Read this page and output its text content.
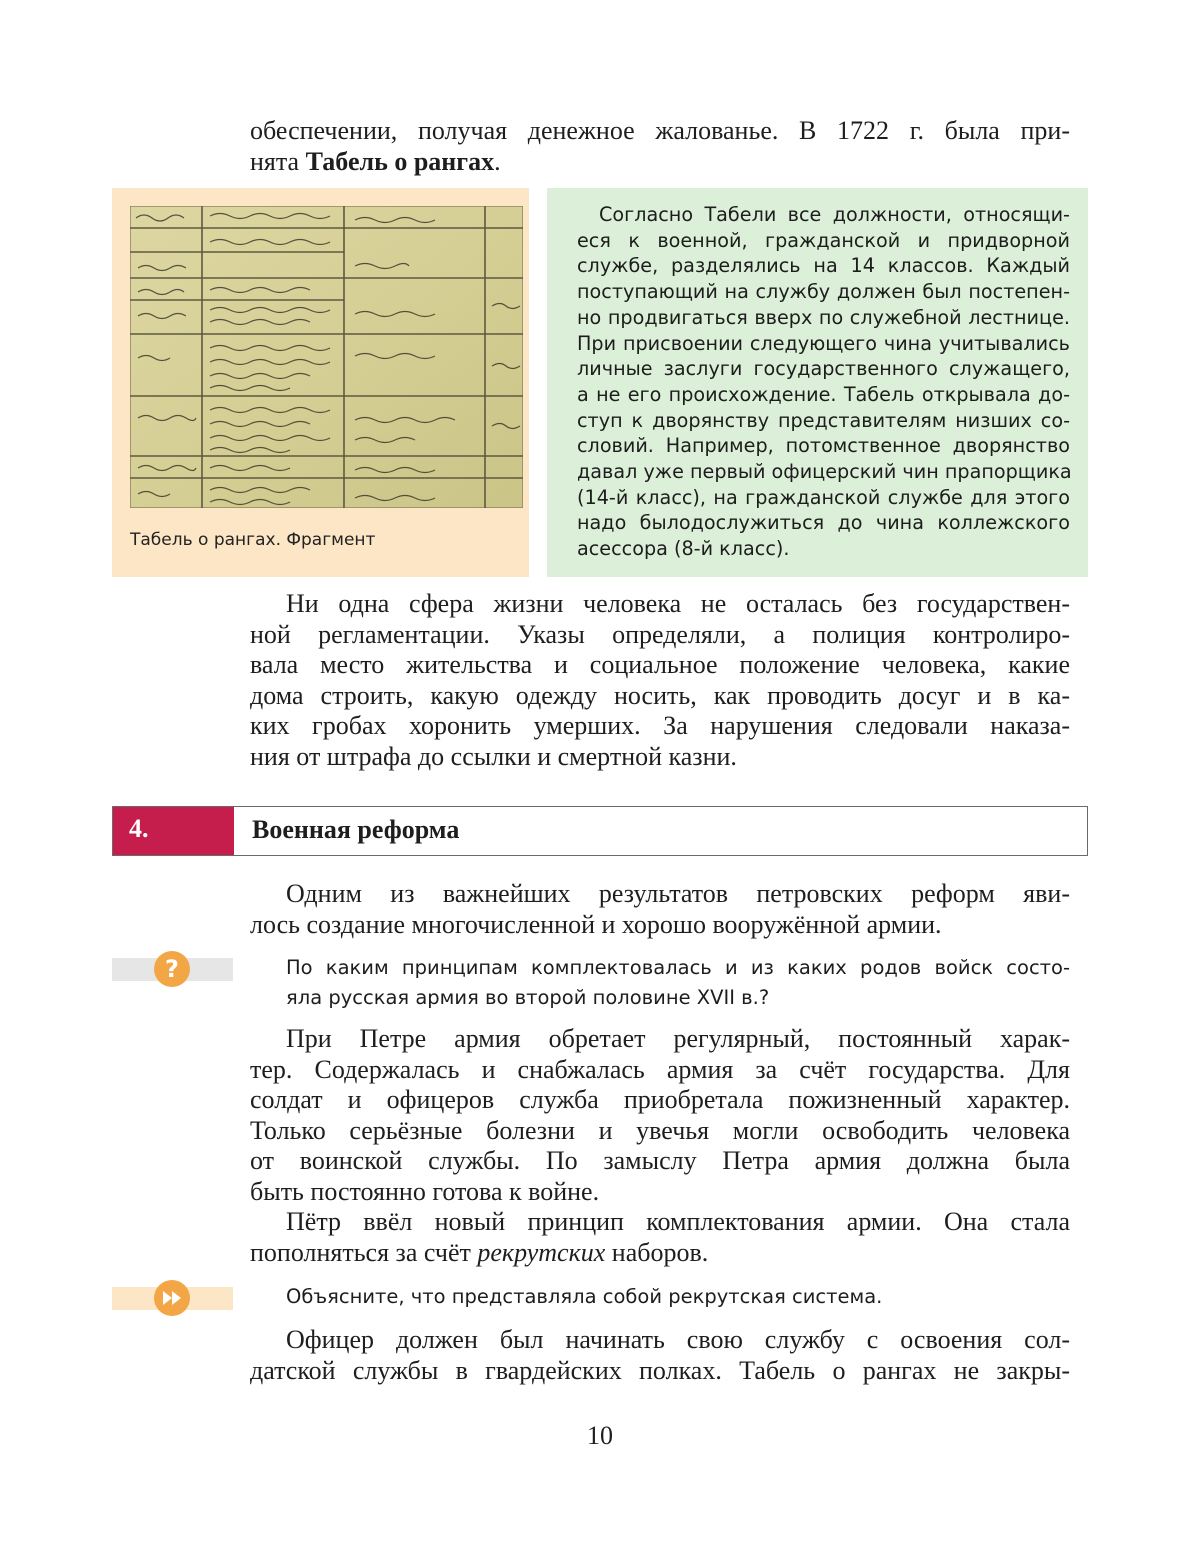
обеспечении, получая денежное жалованье. В 1722 г. была при-
нята Табель о рангах.
Табель о рангах. Фрагмент
Согласно Табели все должности, относящи-
еся к военной, гражданской и придворной
службе, разделялись на 14 классов. Каждый
поступающий на службу должен был постепен-
но продвигаться вверх по служебной лестнице.
При присвоении следующего чина учитывались
личные заслуги государственного служащего,
а не его происхождение. Табель открывала до-
ступ к дворянству представителям низших со-
словий. Например, потомственное дворянство
давал уже первый офицерский чин прапорщика
(14-й класс), на гражданской службе для этого
надо былодослужиться до чина коллежского
асессора (8-й класс).
Ни одна сфера жизни человека не осталась без государствен-
ной регламентации. Указы определяли, а полиция контролиро-
вала место жительства и социальное положение человека, какие
дома строить, какую одежду носить, как проводить досуг и в ка-
ких гробах хоронить умерших. За нарушения следовали наказа-
ния от штрафа до ссылки и смертной казни.
4.	Военная реформа
Одним из важнейших результатов петровских реформ яви-
лось создание многочисленной и хорошо вооружённой армии.
?	По каким принципам комплектовалась и из каких родов войск состо-
яла русская армия во второй половине XVII в.?
При Петре армия обретает регулярный, постоянный харак-
тер. Содержалась и снабжалась армия за счёт государства. Для
солдат и офицеров служба приобретала пожизненный характер.
Только серьёзные болезни и увечья могли освободить человека
от воинской службы. По замыслу Петра армия должна была
быть постоянно готова к войне.
Пётр ввёл новый принцип комплектования армии. Она стала
пополняться за счёт рекрутских наборов.
Объясните, что представляла собой рекрутская система.
Офицер должен был начинать свою службу с освоения сол-
датской службы в гвардейских полках. Табель о рангах не закры-
10
